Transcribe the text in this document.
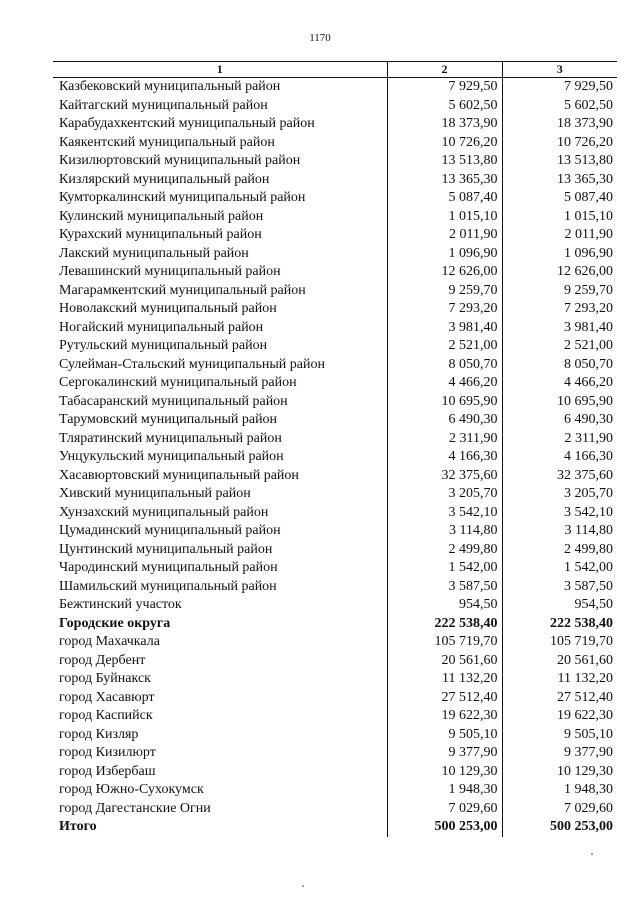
1170
1	2	3
Казбековский муниципальный район	7 929,50	7 929,50
Кайтагский муниципальный район	5 602,50	5 602,50
Карабудахкентский муниципальный район	18 373,90	18 373,90
Каякентский муниципальный район	10 726,20	10 726,20
Кизилюртовский муниципальный район	13 513,80	13 513,80
Кизлярский муниципальный район	13 365,30	13 365,30
Кумторкалинский муниципальный район	5 087,40	5 087,40
Кулинский муниципальный район	1 015,10	1 015,10
Курахский муниципальный район	2 011,90	2 011,90
Лакский муниципальный район	1 096,90	1 096,90
Левашинский муниципальный район	12 626,00	12 626,00
Магарамкентский муниципальный район	9 259,70	9 259,70
Новолакский муниципальный район	7 293,20	7 293,20
Ногайский муниципальный район	3 981,40	3 981,40
Рутульский муниципальный район	2 521,00	2 521,00
Сулейман-Стальский муниципальный район	8 050,70	8 050,70
Сергокалинский муниципальный район	4 466,20	4 466,20
Табасаранский муниципальный район	10 695,90	10 695,90
Тарумовский муниципальный район	6 490,30	6 490,30
Тляратинский муниципальный район	2 311,90	2 311,90
Унцукульский муниципальный район	4 166,30	4 166,30
Хасавюртовский муниципальный район	32 375,60	32 375,60
Хивский муниципальный район	3 205,70	3 205,70
Хунзахский муниципальный район	3 542,10	3 542,10
Цумадинский муниципальный район	3 114,80	3 114,80
Цунтинский муниципальный район	2 499,80	2 499,80
Чародинский муниципальный район	1 542,00	1 542,00
Шамильский муниципальный район	3 587,50	3 587,50
Бежтинский участок	954,50	954,50
Городские округа	222 538,40	222 538,40
город Махачкала	105 719,70	105 719,70
город Дербент	20 561,60	20 561,60
город Буйнакск	11 132,20	11 132,20
город Хасавюрт	27 512,40	27 512,40
город Каспийск	19 622,30	19 622,30
город Кизляр	9 505,10	9 505,10
город Кизилюрт	9 377,90	9 377,90
город Избербаш	10 129,30	10 129,30
город Южно-Сухокумск	1 948,30	1 948,30
город Дагестанские Огни	7 029,60	7 029,60
Итого	500 253,00	500 253,00
